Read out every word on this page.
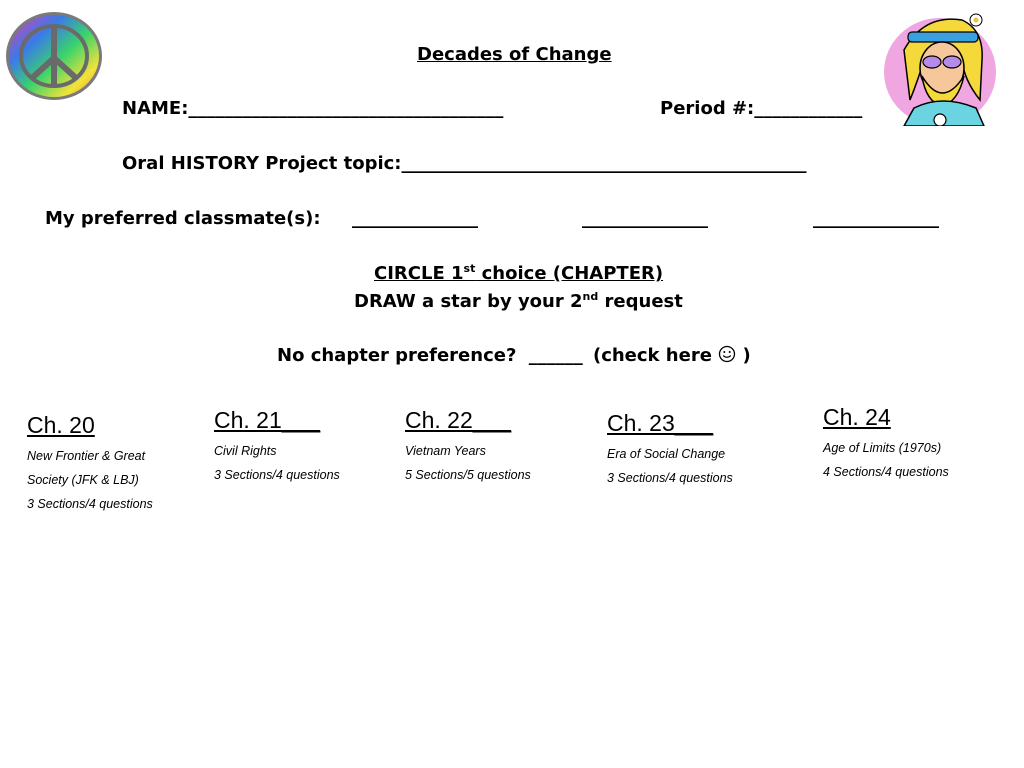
Decades of Change
NAME:___________________________________	Period #:____________
Oral HISTORY Project topic:_____________________________________________
My preferred classmate(s): ______________	______________	______________
CIRCLE 1st choice (CHAPTER)
DRAW a star by your 2nd request
No chapter preference? ______ (check here )
Ch. 20
New Frontier & Great
Society (JFK & LBJ)
3 Sections/4 questions
Ch. 21___
Civil Rights
3 Sections/4 questions
Ch. 22___
Vietnam Years
5 Sections/5 questions
Ch. 23___
Era of Social Change
3 Sections/4 questions
Ch. 24
Age of Limits (1970s)
4 Sections/4 questions
